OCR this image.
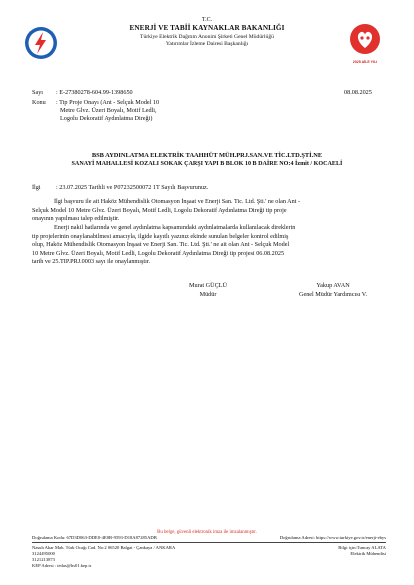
2025 AİLE YILI
T.C.
ENERJİ VE TABİİ KAYNAKLAR BAKANLIĞI
Türkiye Elektrik Dağıtım Anonim Şirketi Genel Müdürlüğü
Yatırımlar İzleme Dairesi Başkanlığı
Sayı : E-27380278-604.99-1398650	08.08.2025
Konu : Tip Proje Onayı (Ant - Selçuk Model 10
Metre Glvz. Üzeri Boyalı, Motif Ledli,
Logolu Dekoratif Aydınlatma Direği)
BSB AYDINLATMA ELEKTRİK TAAHHÜT MÜH.PRJ.SAN.VE TİC.LTD.ŞTİ.NE
SANAYİ MAHALLESİ KOZALI SOKAK ÇARŞI YAPI B BLOK 10 B DAİRE NO:4 İzmit / KOCAELİ
İlgi : 23.07.2025 Tarihli ve P07232500072 1T Sayılı Başvurunuz.
İlgi başvuru ile ait Haköz Mühendislik Otomasyon İnşaat ve Enerji San. Tic. Ltd. Şti.' ne olan Ant -
Selçuk Model 10 Metre Glvz. Üzeri Boyalı, Motif Ledli, Logolu Dekoratif Aydınlatma Direği tip proje
onayının yapılması talep edilmiştir.
Enerji nakil hatlarında ve genel aydınlatma kapsamındaki aydınlatmalarda kullanılacak direklerin
tip projelerinin onaylanabilmesi amacıyla, ilgide kayıtlı yazınız ekinde sunulan belgeler kontrol edilmiş
olup, Haköz Mühendislik Otomasyon İnşaat ve Enerji San. Tic. Ltd. Şti.' ne ait olan Ant - Selçuk Model
10 Metre Glvz. Üzeri Boyalı, Motif Ledli, Logolu Dekoratif Aydınlatma Direği tip projesi 06.08.2025
tarih ve 25.TIP.PRJ.0003 sayı ile onaylanmıştır.
Murat GÜÇLÜ
Müdür
Yakup AVAN
Genel Müdür Yardımcısı V.
Bu belge, güvenli elektronik imza ile imzalanmıştır.
Doğrulama Kodu: 67D3D063-DDE0-4E0B-9593-D18A87285ADB	Doğrulama Adresi: https://www.turkiye.gov.tr/enerji-ebys
Nasuh Akar Mah. Türk Ocağı Cad. No:2 06520 Balgat - Çankaya / ANKARA	Bilgi için:Tuncay ALATA
3124495000	Elektrik Mühendisi
3121213873
KEP Adresi : tedas@hs01.kep.tr
